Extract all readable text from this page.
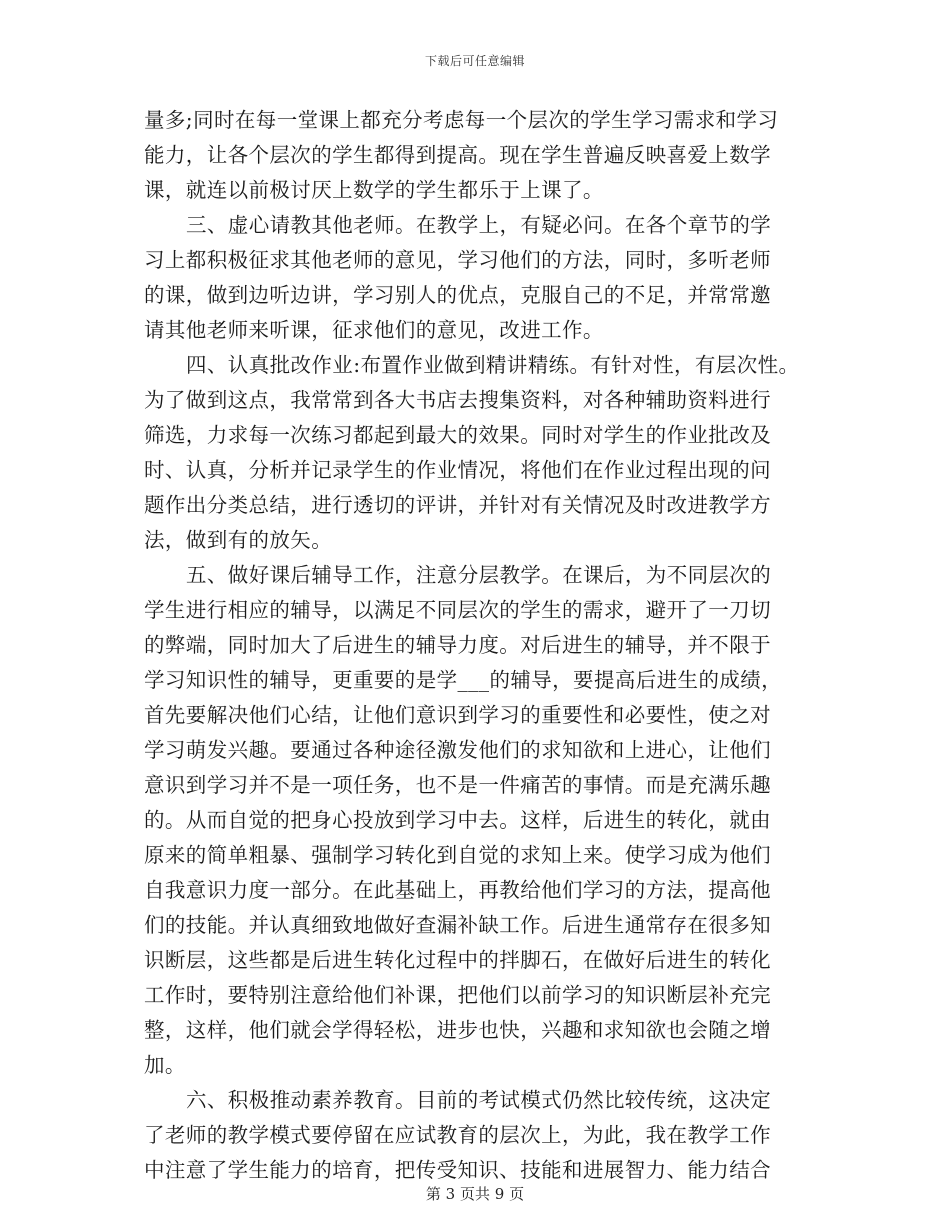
下载后可任意编辑
量多;同时在每一堂课上都充分考虑每一个层次的学生学习需求和学习
能力，让各个层次的学生都得到提高。现在学生普遍反映喜爱上数学
课，就连以前极讨厌上数学的学生都乐于上课了。
三、虚心请教其他老师。在教学上，有疑必问。在各个章节的学
习上都积极征求其他老师的意见，学习他们的方法，同时，多听老师
的课，做到边听边讲，学习别人的优点，克服自己的不足，并常常邀
请其他老师来听课，征求他们的意见，改进工作。
四、认真批改作业:布置作业做到精讲精练。有针对性，有层次性。
为了做到这点，我常常到各大书店去搜集资料，对各种辅助资料进行
筛选，力求每一次练习都起到最大的效果。同时对学生的作业批改及
时、认真，分析并记录学生的作业情况，将他们在作业过程出现的问
题作出分类总结，进行透切的评讲，并针对有关情况及时改进教学方
法，做到有的放矢。
五、做好课后辅导工作，注意分层教学。在课后，为不同层次的
学生进行相应的辅导，以满足不同层次的学生的需求，避开了一刀切
的弊端，同时加大了后进生的辅导力度。对后进生的辅导，并不限于
学习知识性的辅导，更重要的是学___的辅导，要提高后进生的成绩，
首先要解决他们心结，让他们意识到学习的重要性和必要性，使之对
学习萌发兴趣。要通过各种途径激发他们的求知欲和上进心，让他们
意识到学习并不是一项任务，也不是一件痛苦的事情。而是充满乐趣
的。从而自觉的把身心投放到学习中去。这样，后进生的转化，就由
原来的简单粗暴、强制学习转化到自觉的求知上来。使学习成为他们
自我意识力度一部分。在此基础上，再教给他们学习的方法，提高他
们的技能。并认真细致地做好查漏补缺工作。后进生通常存在很多知
识断层，这些都是后进生转化过程中的拌脚石，在做好后进生的转化
工作时，要特别注意给他们补课，把他们以前学习的知识断层补充完
整，这样，他们就会学得轻松，进步也快，兴趣和求知欲也会随之增
加。
六、积极推动素养教育。目前的考试模式仍然比较传统，这决定
了老师的教学模式要停留在应试教育的层次上，为此，我在教学工作
中注意了学生能力的培育，把传受知识、技能和进展智力、能力结合
第 3 页共 9 页
